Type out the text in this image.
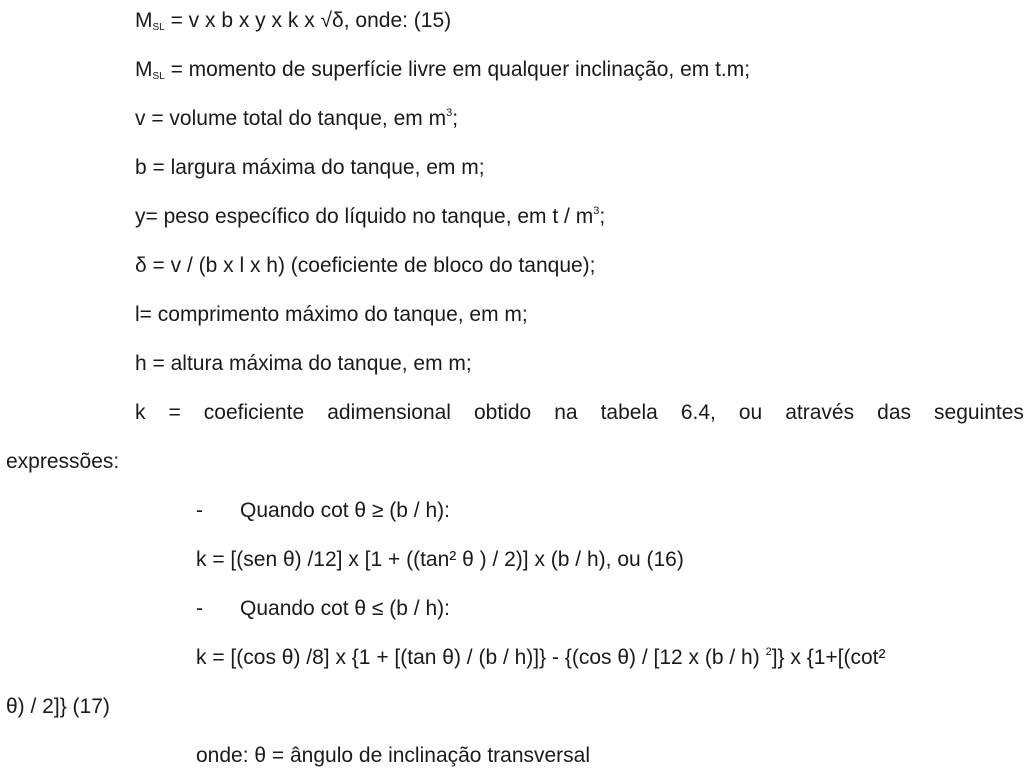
MSL = v x b x y x k x √δ, onde: (15)
MSL = momento de superfície livre em qualquer inclinação, em t.m;
v = volume total do tanque, em $m^3$;
b = largura máxima do tanque, em m;
y= peso específico do líquido no tanque, em t / $m^3$;
δ = v / (b x l x h) (coeficiente de bloco do tanque);
l= comprimento máximo do tanque, em m;
h = altura máxima do tanque, em m;
k = coeficiente adimensional obtido na tabela 6.4, ou através das seguintes
expressões:
- Quando cot θ ≥ (b / h):
k = [(sen θ) /12] x [1 + ((tan² θ ) / 2)] x (b / h), ou (16)
- Quando cot θ ≤ (b / h):
k = [(cos θ) /8] x {1 + [(tan θ) / (b / h)]} - {(cos θ) / [12 x (b / h) $^2$]} x {1+[(cot²
θ) / 2]} (17)
onde: θ = ângulo de inclinação transversal
